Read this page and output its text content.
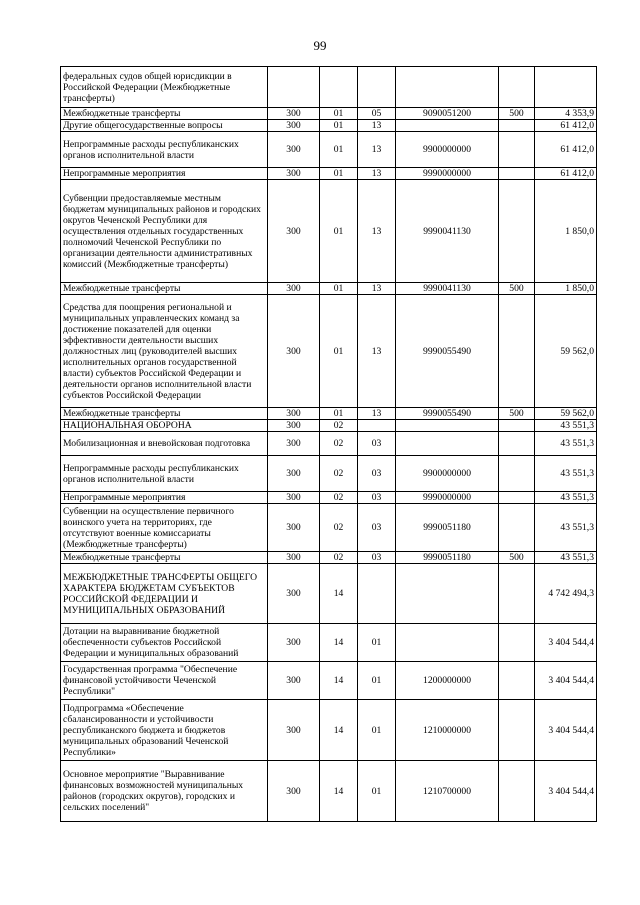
99
федеральных судов общей юрисдикции в Российской Федерации (Межбюджетные трансферты)						
Межбюджетные трансферты	300	01	05	9090051200	500	4 353,9
Другие общегосударственные вопросы	300	01	13			61 412,0
Непрограммные расходы республиканских органов исполнительной власти	300	01	13	9900000000		61 412,0
Непрограммные мероприятия	300	01	13	9990000000		61 412,0
Субвенции предоставляемые местным бюджетам муниципальных районов и городских округов Чеченской Республики для осуществления отдельных государственных полномочий Чеченской Республики по организации деятельности административных комиссий (Межбюджетные трансферты)	300	01	13	9990041130		1 850,0
Межбюджетные трансферты	300	01	13	9990041130	500	1 850,0
Средства для поощрения региональной и муниципальных управленческих команд за достижение показателей для оценки эффективности деятельности высших должностных лиц (руководителей высших исполнительных органов государственной власти) субъектов Российской Федерации и деятельности органов исполнительной власти субъектов Российской Федерации	300	01	13	9990055490		59 562,0
Межбюджетные трансферты	300	01	13	9990055490	500	59 562,0
НАЦИОНАЛЬНАЯ ОБОРОНА	300	02				43 551,3
Мобилизационная и вневойсковая подготовка	300	02	03			43 551,3
Непрограммные расходы республиканских органов исполнительной власти	300	02	03	9900000000		43 551,3
Непрограммные мероприятия	300	02	03	9990000000		43 551,3
Субвенции на осуществление первичного воинского учета на территориях, где отсутствуют военные комиссариаты (Межбюджетные трансферты)	300	02	03	9990051180		43 551,3
Межбюджетные трансферты	300	02	03	9990051180	500	43 551,3
МЕЖБЮДЖЕТНЫЕ ТРАНСФЕРТЫ ОБЩЕГО ХАРАКТЕРА БЮДЖЕТАМ СУБЪЕКТОВ РОССИЙСКОЙ ФЕДЕРАЦИИ И МУНИЦИПАЛЬНЫХ ОБРАЗОВАНИЙ	300	14				4 742 494,3
Дотации на выравнивание бюджетной обеспеченности субъектов Российской Федерации и муниципальных образований	300	14	01			3 404 544,4
Государственная программа "Обеспечение финансовой устойчивости Чеченской Республики"	300	14	01	1200000000		3 404 544,4
Подпрограмма «Обеспечение сбалансированности и устойчивости республиканского бюджета и бюджетов муниципальных образований Чеченской Республики»	300	14	01	1210000000		3 404 544,4
Основное мероприятие "Выравнивание финансовых возможностей муниципальных районов (городских округов), городских и сельских поселений"	300	14	01	1210700000		3 404 544,4
